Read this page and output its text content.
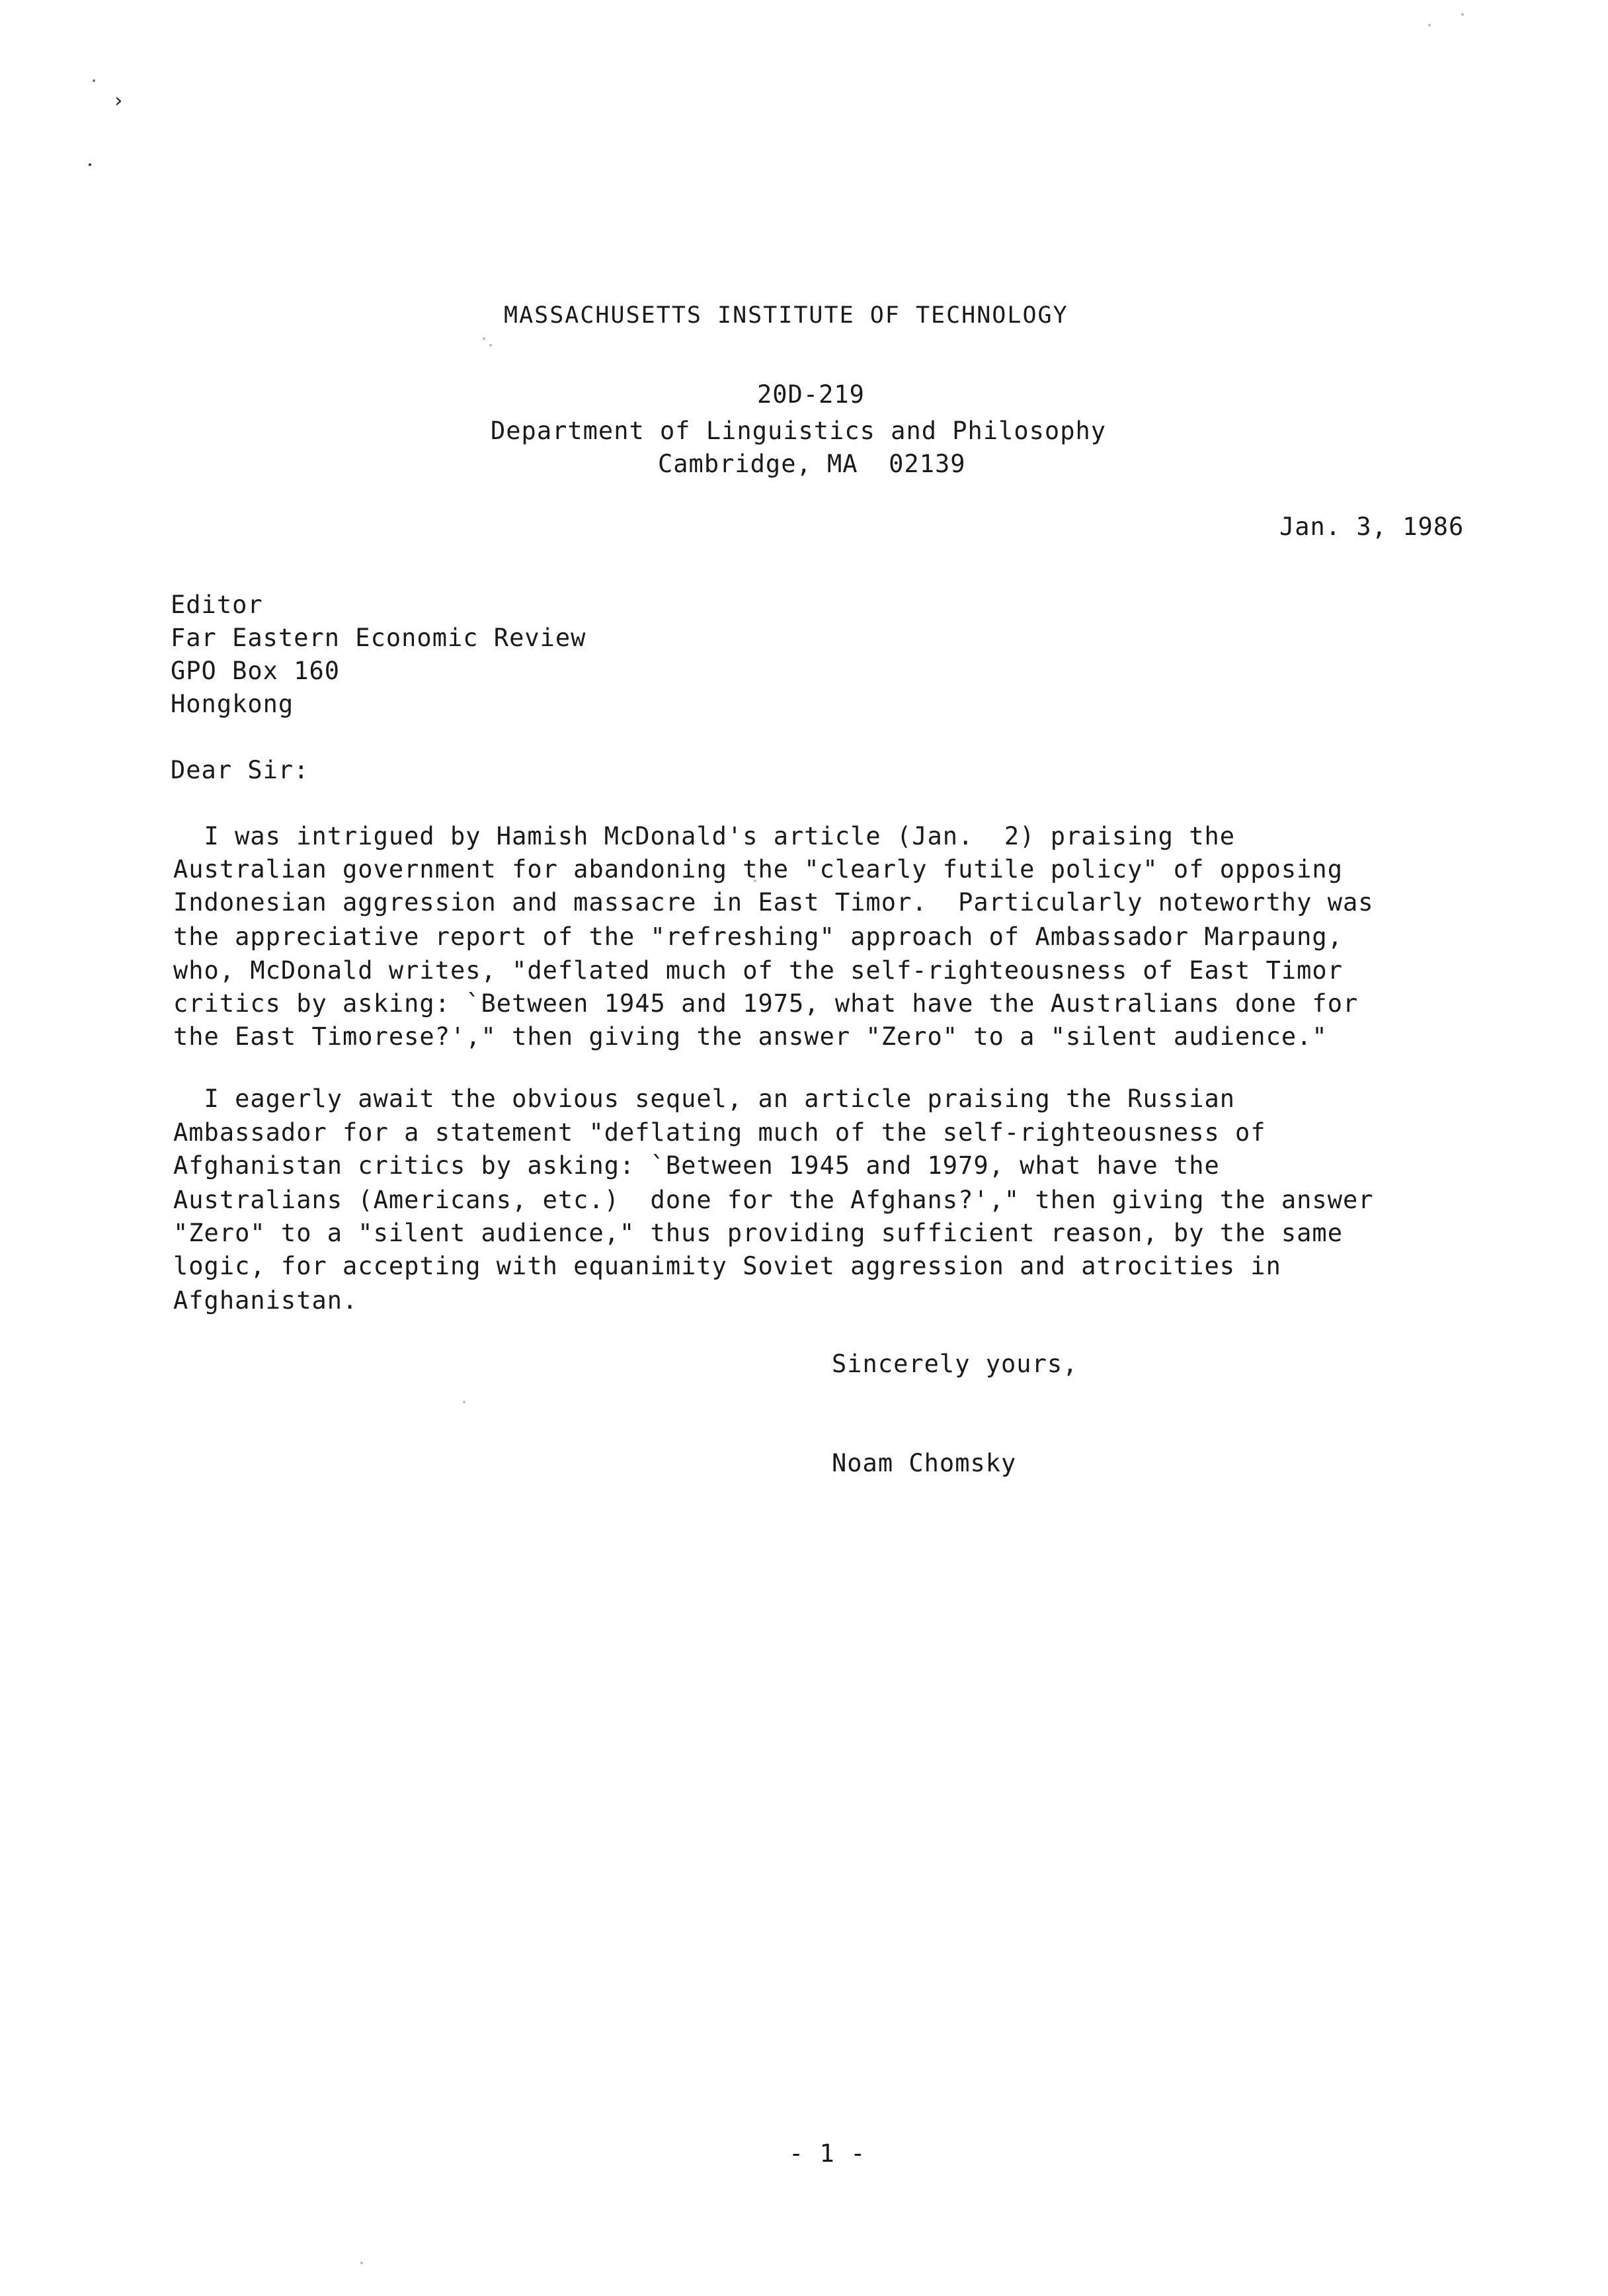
›
MASSACHUSETTS INSTITUTE OF TECHNOLOGY
20D-219
Department of Linguistics and Philosophy
Cambridge, MA  02139
Jan. 3, 1986
Editor
Far Eastern Economic Review
GPO Box 160
Hongkong
Dear Sir:
I was intrigued by Hamish McDonald's article (Jan.  2) praising the
Australian government for abandoning the "clearly futile policy" of opposing
Indonesian aggression and massacre in East Timor.  Particularly noteworthy was
the appreciative report of the "refreshing" approach of Ambassador Marpaung,
who, McDonald writes, "deflated much of the self-righteousness of East Timor
critics by asking: `Between 1945 and 1975, what have the Australians done for
the East Timorese?'," then giving the answer "Zero" to a "silent audience."
I eagerly await the obvious sequel, an article praising the Russian
Ambassador for a statement "deflating much of the self-righteousness of
Afghanistan critics by asking: `Between 1945 and 1979, what have the
Australians (Americans, etc.)  done for the Afghans?'," then giving the answer
"Zero" to a "silent audience," thus providing sufficient reason, by the same
logic, for accepting with equanimity Soviet aggression and atrocities in
Afghanistan.
Sincerely yours,
Noam Chomsky
- 1 -
